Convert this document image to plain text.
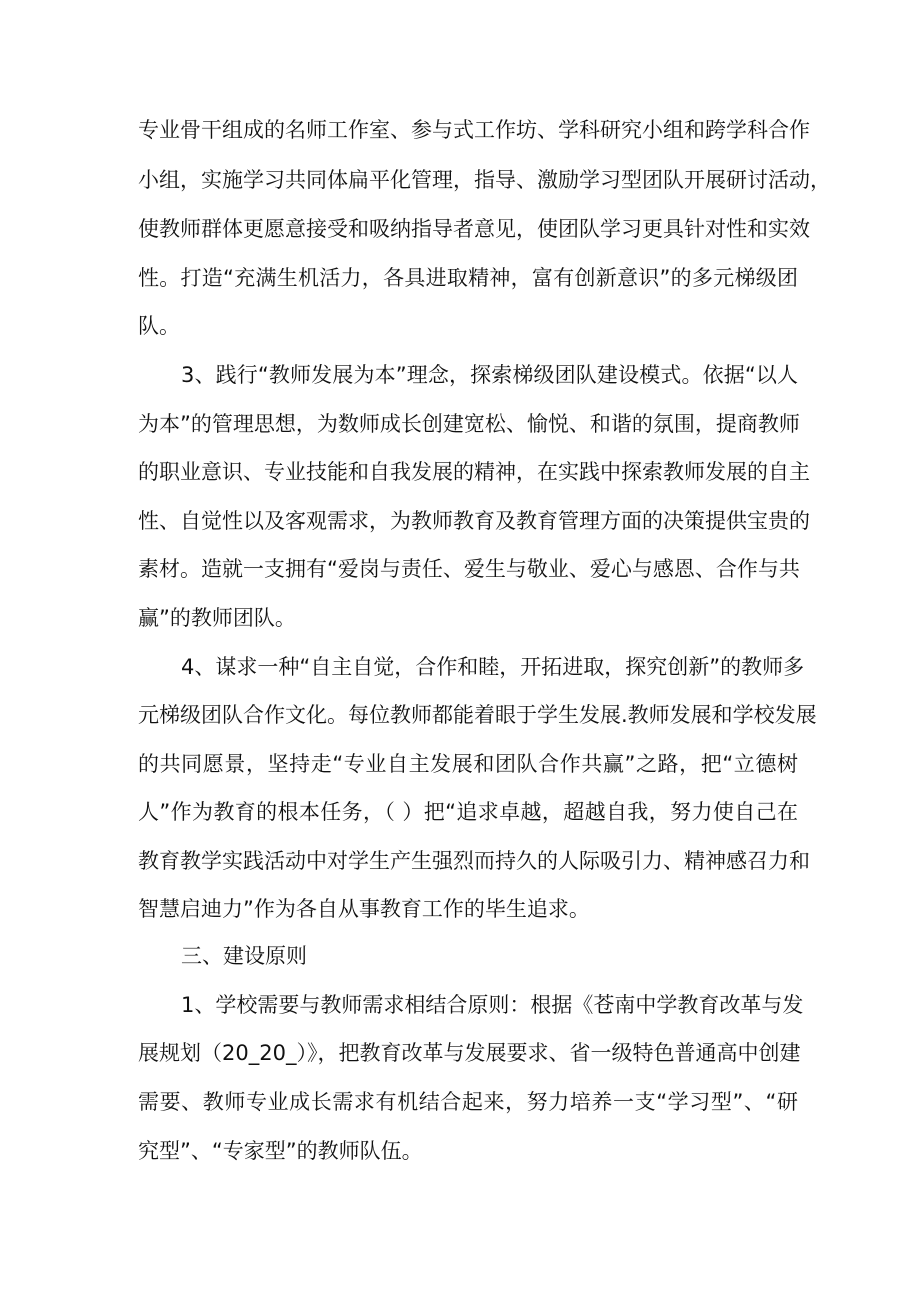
专业骨干组成的名师工作室、参与式工作坊、学科研究小组和跨学科合作
小组，实施学习共同体扁平化管理，指导、激励学习型团队开展研讨活动，
使教师群体更愿意接受和吸纳指导者意见，使团队学习更具针对性和实效
性。打造“充满生机活力，各具进取精神，富有创新意识”的多元梯级团
队。
3、践行“教师发展为本”理念，探索梯级团队建设模式。依据“以人
为本”的管理思想，为数师成长创建宽松、愉悦、和谐的氛围，提商教师
的职业意识、专业技能和自我发展的精神，在实践中探索教师发展的自主
性、自觉性以及客观需求，为教师教育及教育管理方面的决策提供宝贵的
素材。造就一支拥有“爱岗与责任、爱生与敬业、爱心与感恩、合作与共
赢”的教师团队。
4、谋求一种“自主自觉，合作和睦，开拓进取，探究创新”的教师多
元梯级团队合作文化。每位教师都能着眼于学生发展.教师发展和学校发展
的共同愿景，坚持走“专业自主发展和团队合作共赢”之路，把“立德树
人”作为教育的根本任务，（ ）把“追求卓越，超越自我，努力使自己在
教育教学实践活动中对学生产生强烈而持久的人际吸引力、精神感召力和
智慧启迪力”作为各自从事教育工作的毕生追求。
三、建设原则
1、学校需要与教师需求相结合原则：根据《苍南中学教育改革与发
展规划（20_20_）》，把教育改革与发展要求、省一级特色普通高中创建
需要、教师专业成长需求有机结合起来，努力培养一支“学习型”、“研
究型”、“专家型”的教师队伍。
